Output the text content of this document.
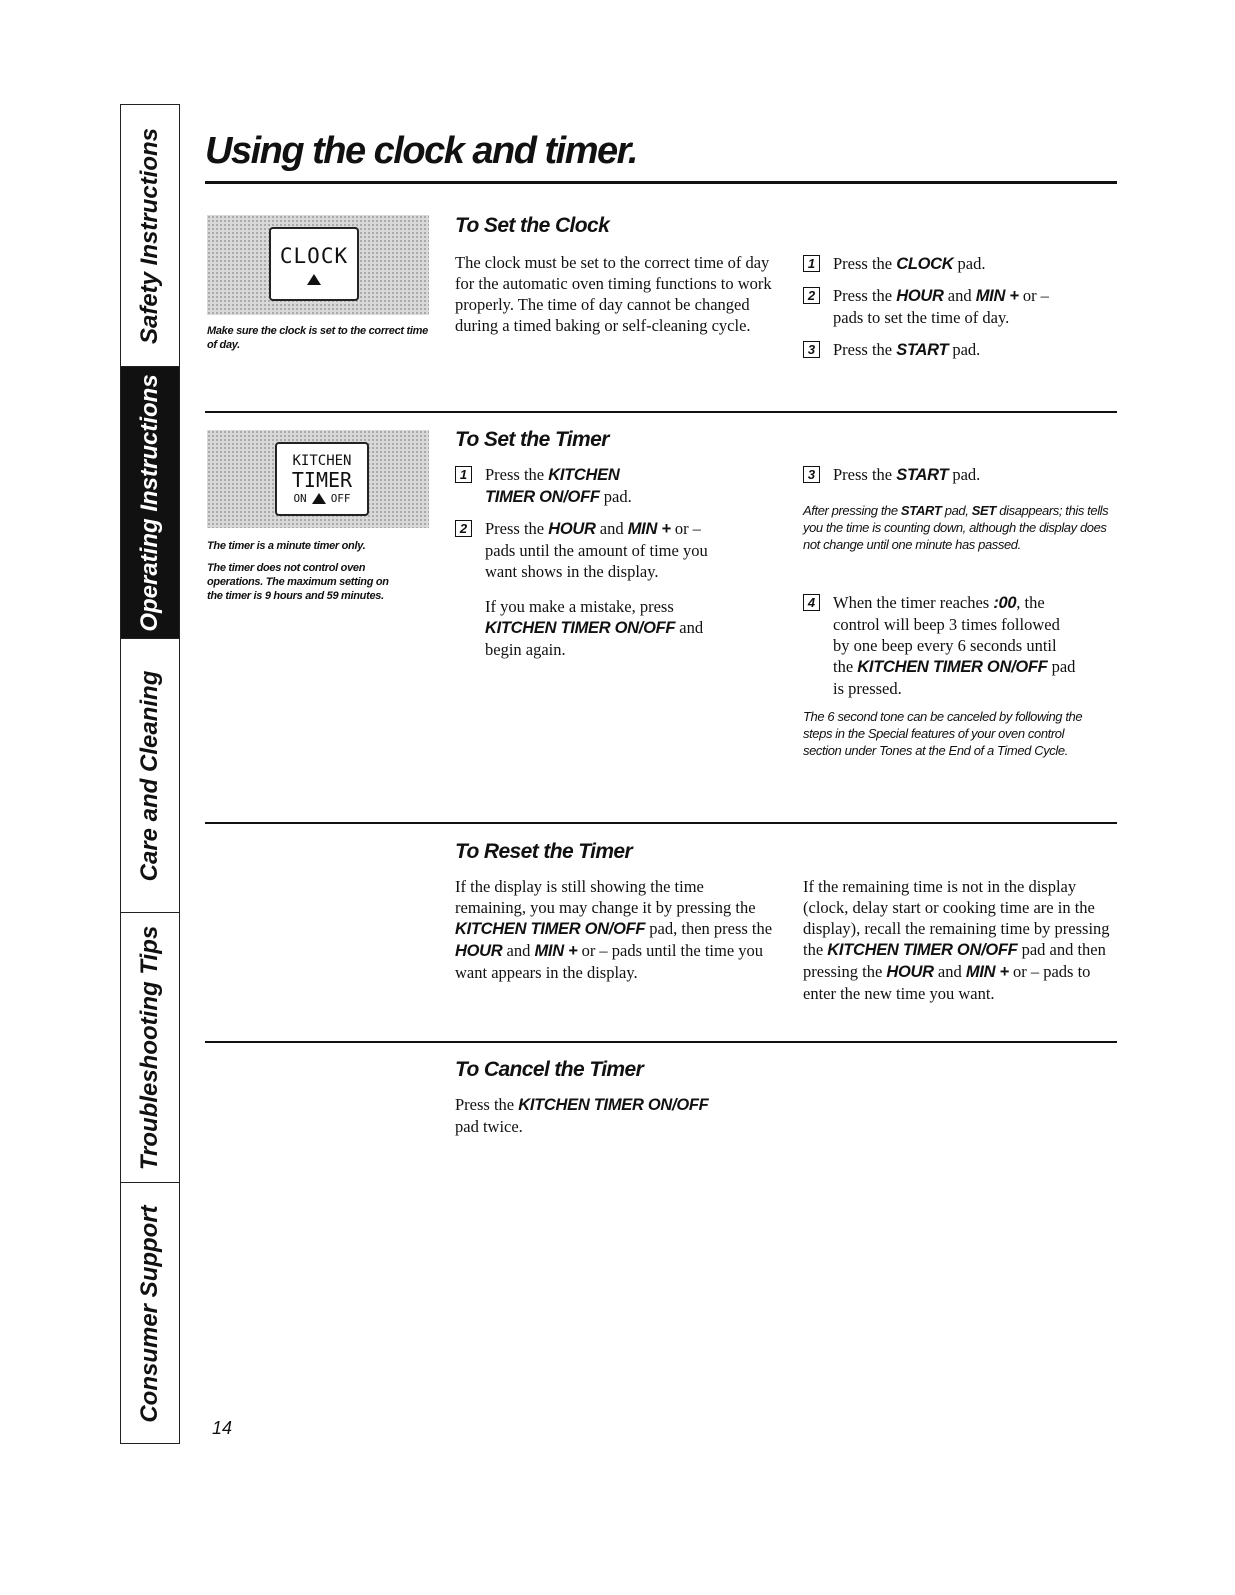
Safety Instructions
Operating Instructions
Care and Cleaning
Troubleshooting Tips
Consumer Support
Using the clock and timer.
CLOCK
Make sure the clock is set to the correct time of day.
To Set the Clock

The clock must be set to the correct time of day for the automatic oven timing functions to work properly. The time of day cannot be changed during a timed baking or self-cleaning cycle.

1 Press the CLOCK pad.
2 Press the HOUR and MIN + or – pads to set the time of day.
3 Press the START pad.
KITCHEN
TIMER
ON OFF
The timer is a minute timer only.
The timer does not control oven operations. The maximum setting on the timer is 9 hours and 59 minutes.
To Set the Timer
1 Press the KITCHEN TIMER ON/OFF pad.
2 Press the HOUR and MIN + or – pads until the amount of time you want shows in the display.

If you make a mistake, press KITCHEN TIMER ON/OFF and begin again.

3 Press the START pad.

After pressing the START pad, SET disappears; this tells you the time is counting down, although the display does not change until one minute has passed.

4 When the timer reaches :00, the control will beep 3 times followed by one beep every 6 seconds until the KITCHEN TIMER ON/OFF pad is pressed.

The 6 second tone can be canceled by following the steps in the Special features of your oven control section under Tones at the End of a Timed Cycle.

To Reset the Timer

If the display is still showing the time remaining, you may change it by pressing the KITCHEN TIMER ON/OFF pad, then press the HOUR and MIN + or – pads until the time you want appears in the display.

If the remaining time is not in the display (clock, delay start or cooking time are in the display), recall the remaining time by pressing the KITCHEN TIMER ON/OFF pad and then pressing the HOUR and MIN + or – pads to enter the new time you want.

To Cancel the Timer

Press the KITCHEN TIMER ON/OFF pad twice.

14
